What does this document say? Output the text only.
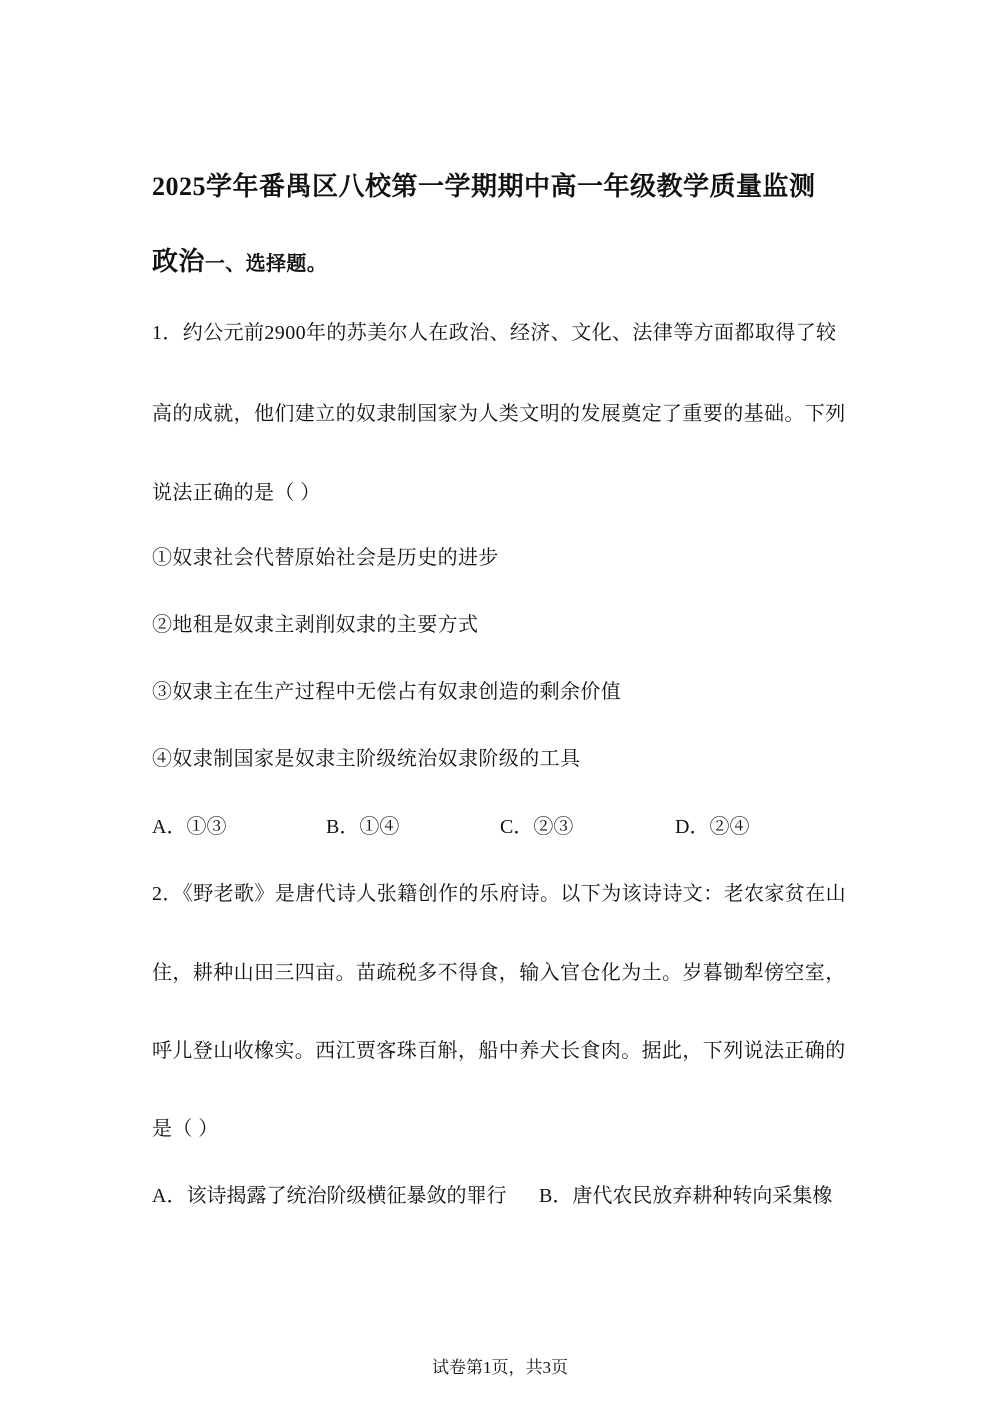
2025学年番禺区八校第一学期期中高一年级教学质量监测
政治一、选择题。
1．约公元前2900年的苏美尔人在政治、经济、文化、法律等方面都取得了较
高的成就，他们建立的奴隶制国家为人类文明的发展奠定了重要的基础。下列
说法正确的是（ ）
①奴隶社会代替原始社会是历史的进步
②地租是奴隶主剥削奴隶的主要方式
③奴隶主在生产过程中无偿占有奴隶创造的剩余价值
④奴隶制国家是奴隶主阶级统治奴隶阶级的工具
A．①③	B．①④	C．②③	D．②④
2．《野老歌》是唐代诗人张籍创作的乐府诗。以下为该诗诗文：老农家贫在山
住，耕种山田三四亩。苗疏税多不得食，输入官仓化为土。岁暮锄犁傍空室，
呼儿登山收橡实。西江贾客珠百斛，船中养犬长食肉。据此，下列说法正确的
是（ ）
A．该诗揭露了统治阶级横征暴敛的罪行 B．唐代农民放弃耕种转向采集橡
试卷第1页，共3页
